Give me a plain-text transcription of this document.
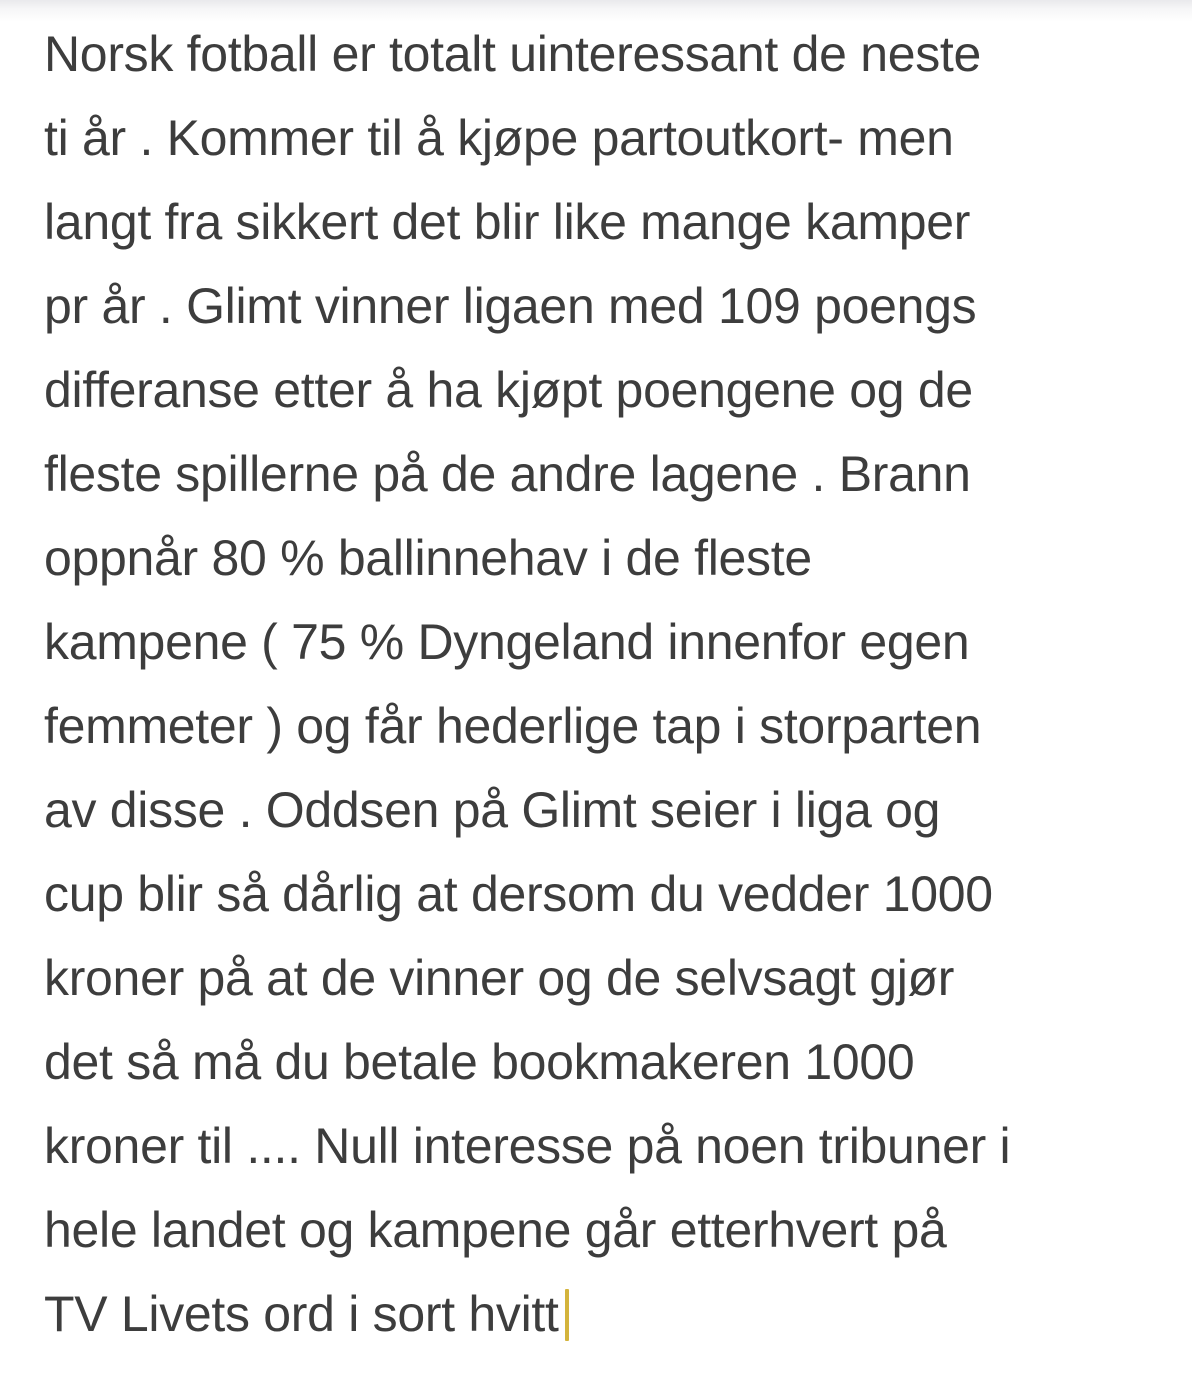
Norsk fotball er totalt uinteressant de neste
ti år . Kommer til å kjøpe partoutkort- men
langt fra sikkert det blir like mange kamper
pr år . Glimt vinner ligaen med 109 poengs
differanse etter å ha kjøpt poengene og de
fleste spillerne på de andre lagene . Brann
oppnår 80 % ballinnehav i de fleste
kampene ( 75 % Dyngeland innenfor egen
femmeter ) og får hederlige tap i storparten
av disse . Oddsen på Glimt seier i liga og
cup blir så dårlig at dersom du vedder 1000
kroner på at de vinner og de selvsagt gjør
det så må du betale bookmakeren 1000
kroner til .... Null interesse på noen tribuner i
hele landet og kampene går etterhvert på
TV Livets ord i sort hvitt
